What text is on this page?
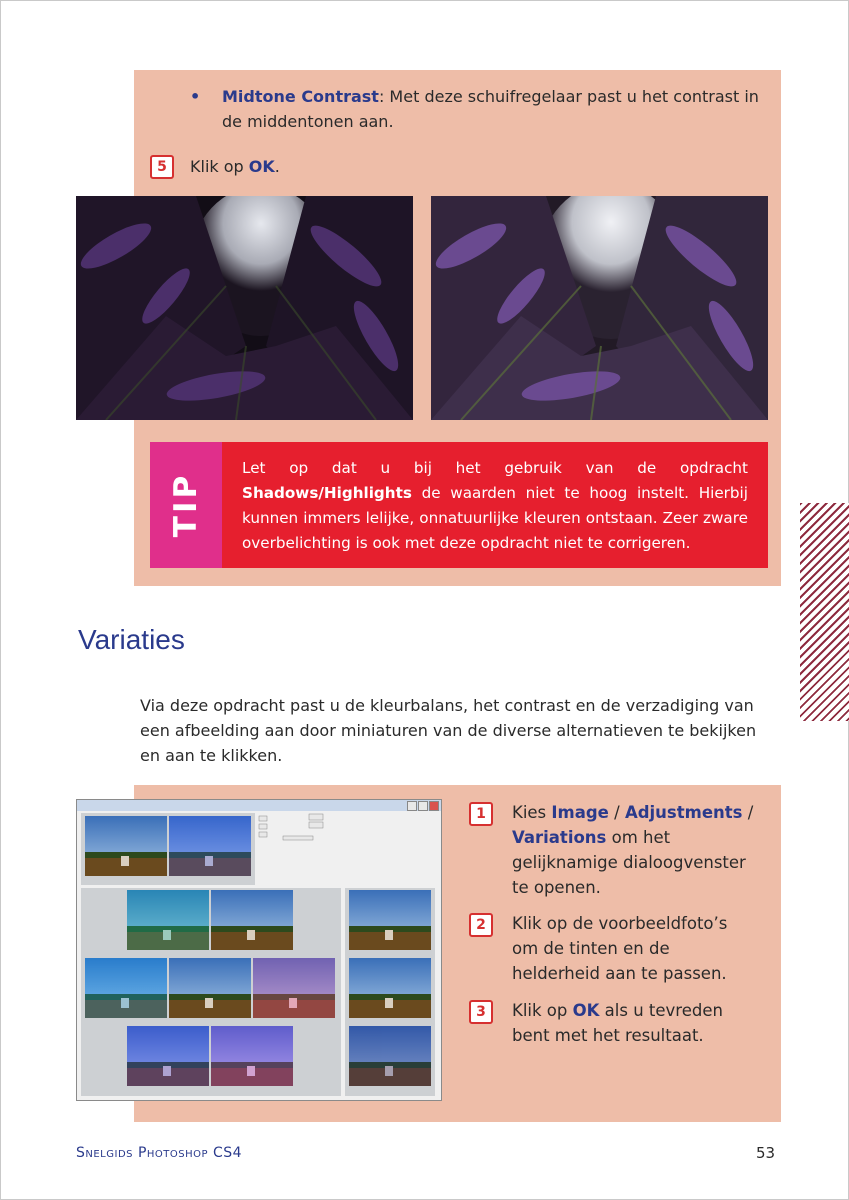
• Midtone Contrast: Met deze schuifregelaar past u het contrast in de middentonen aan.
5	Klik op OK.
TIP
Let op dat u bij het gebruik van de opdracht Shadows/Highlights de waarden niet te hoog instelt. Hierbij kunnen immers lelijke, onnatuurlijke kleuren ontstaan. Zeer zware overbelichting is ook met deze opdracht niet te corrigeren.
Variaties
Via deze opdracht past u de kleurbalans, het contrast en de verzadiging van een afbeelding aan door miniaturen van de diverse alternatieven te bekijken en aan te klikken.
1	Kies Image / Adjustments / Variations om het gelijknamige dialoogvenster te openen.
2	Klik op de voorbeeldfoto’s om de tinten en de helderheid aan te passen.
3	Klik op OK als u tevreden bent met het resultaat.
Snelgids Photoshop CS4	53
